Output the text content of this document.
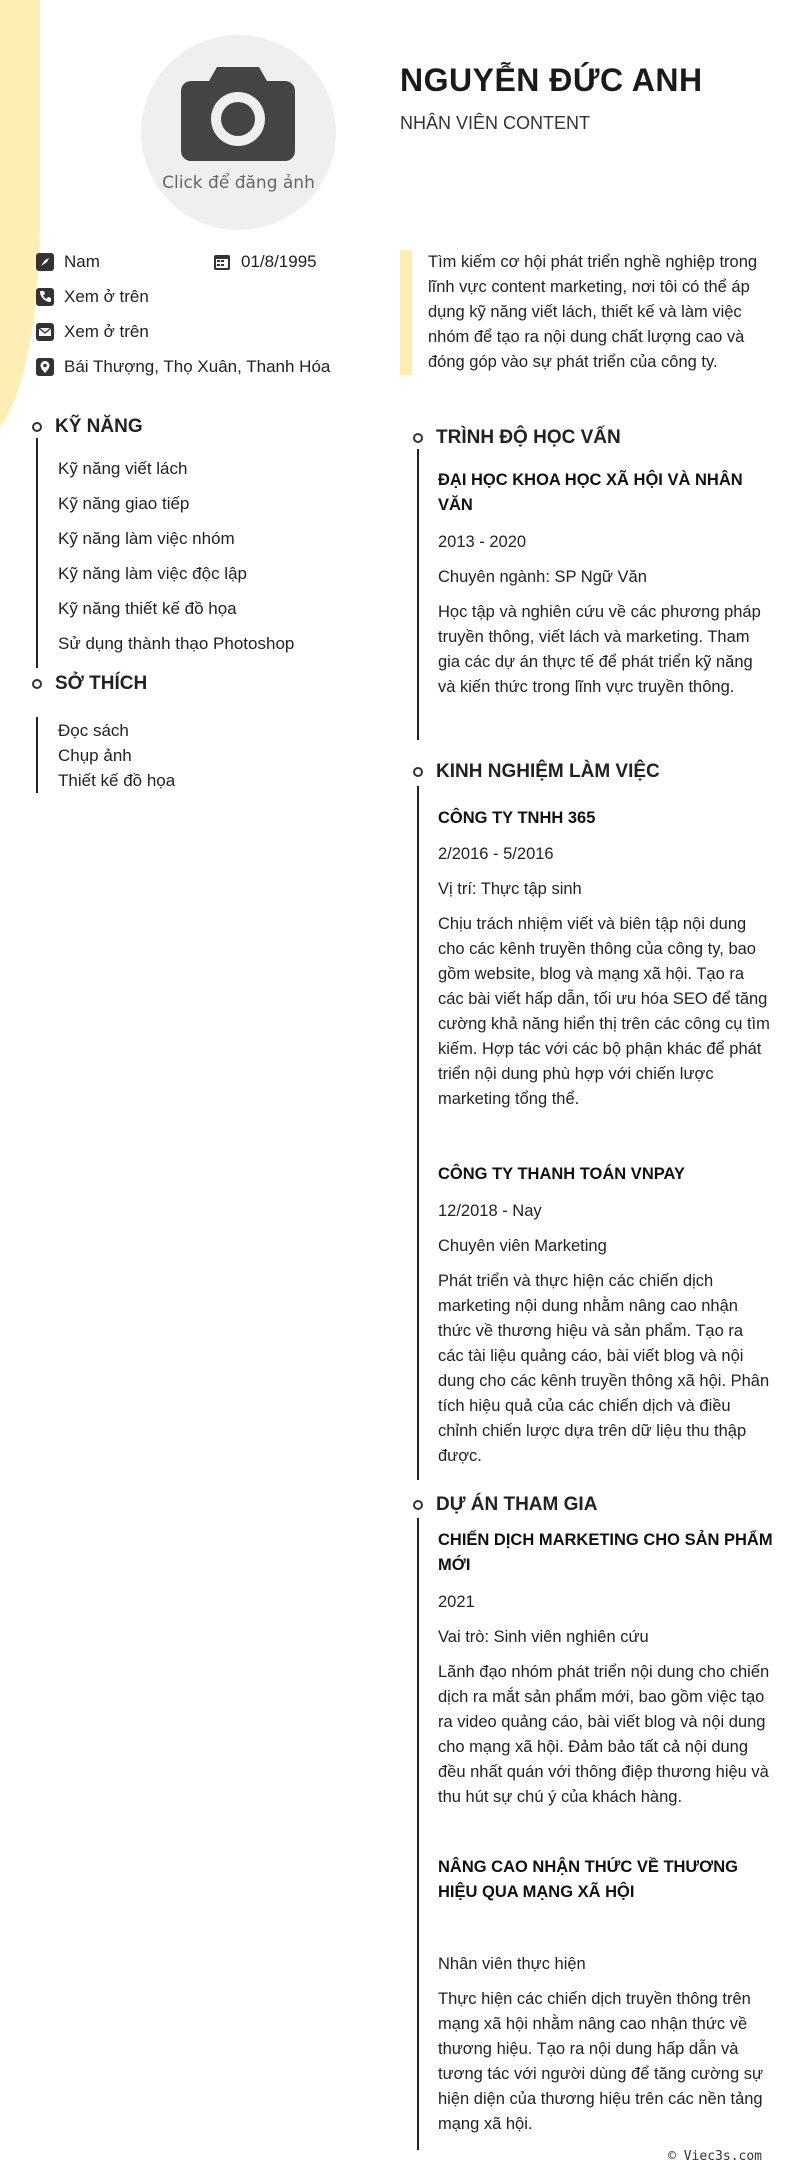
Click để đăng ảnh
NGUYỄN ĐỨC ANH
NHÂN VIÊN CONTENT
Nam	01/8/1995
Xem ở trên
Xem ở trên
Bái Thượng, Thọ Xuân, Thanh Hóa
Tìm kiếm cơ hội phát triển nghề nghiệp trong lĩnh vực content marketing, nơi tôi có thể áp dụng kỹ năng viết lách, thiết kế và làm việc nhóm để tạo ra nội dung chất lượng cao và đóng góp vào sự phát triển của công ty.
KỸ NĂNG
Kỹ năng viết lách
Kỹ năng giao tiếp
Kỹ năng làm việc nhóm
Kỹ năng làm việc độc lập
Kỹ năng thiết kế đồ họa
Sử dụng thành thạo Photoshop
SỞ THÍCH
Đọc sách
Chụp ảnh
Thiết kế đồ họa
TRÌNH ĐỘ HỌC VẤN
ĐẠI HỌC KHOA HỌC XÃ HỘI VÀ NHÂN VĂN
2013 - 2020
Chuyên ngành: SP Ngữ Văn
Học tập và nghiên cứu về các phương pháp truyền thông, viết lách và marketing. Tham gia các dự án thực tế để phát triển kỹ năng và kiến thức trong lĩnh vực truyền thông.
KINH NGHIỆM LÀM VIỆC
CÔNG TY TNHH 365
2/2016 - 5/2016
Vị trí: Thực tập sinh
Chịu trách nhiệm viết và biên tập nội dung cho các kênh truyền thông của công ty, bao gồm website, blog và mạng xã hội. Tạo ra các bài viết hấp dẫn, tối ưu hóa SEO để tăng cường khả năng hiển thị trên các công cụ tìm kiếm. Hợp tác với các bộ phận khác để phát triển nội dung phù hợp với chiến lược marketing tổng thể.
CÔNG TY THANH TOÁN VNPAY
12/2018 - Nay
Chuyên viên Marketing
Phát triển và thực hiện các chiến dịch marketing nội dung nhằm nâng cao nhận thức về thương hiệu và sản phẩm. Tạo ra các tài liệu quảng cáo, bài viết blog và nội dung cho các kênh truyền thông xã hội. Phân tích hiệu quả của các chiến dịch và điều chỉnh chiến lược dựa trên dữ liệu thu thập được.
DỰ ÁN THAM GIA
CHIẾN DỊCH MARKETING CHO SẢN PHẨM MỚI
2021
Vai trò: Sinh viên nghiên cứu
Lãnh đạo nhóm phát triển nội dung cho chiến dịch ra mắt sản phẩm mới, bao gồm việc tạo ra video quảng cáo, bài viết blog và nội dung cho mạng xã hội. Đảm bảo tất cả nội dung đều nhất quán với thông điệp thương hiệu và thu hút sự chú ý của khách hàng.
NÂNG CAO NHẬN THỨC VỀ THƯƠNG HIỆU QUA MẠNG XÃ HỘI
Nhân viên thực hiện
Thực hiện các chiến dịch truyền thông trên mạng xã hội nhằm nâng cao nhận thức về thương hiệu. Tạo ra nội dung hấp dẫn và tương tác với người dùng để tăng cường sự hiện diện của thương hiệu trên các nền tảng mạng xã hội.
© Viec3s.com
